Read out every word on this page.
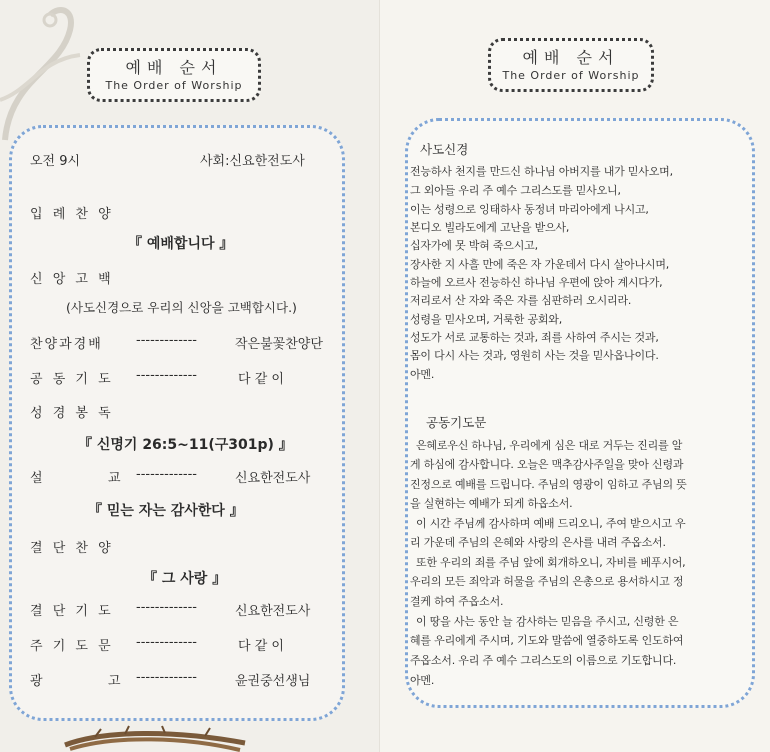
예배 순서
The Order of Worship
오전 9시	사회:신요한전도사
입 례 찬 양
『 예배합니다 』
신 앙 고 백
(사도신경으로 우리의 신앙을 고백합시다.)
찬양과경배	-------------	작은불꽃찬양단
공 동 기 도 -------------	다 같 이
성 경 봉 독
『 신명기 26:5~11(구301p) 』
설	교 -------------	신요한전도사
『 믿는 자는 감사한다 』
결 단 찬 양
『 그 사랑 』
결 단 기 도 -------------	신요한전도사
주 기 도 문 -------------	다 같 이
광	고 -------------	윤권중선생님
예배 순서
The Order of Worship
사도신경
전능하사 천지를 만드신 하나님 아버지를 내가 믿사오며,
그 외아들 우리 주 예수 그리스도를 믿사오니,
이는 성령으로 잉태하사 동정녀 마리아에게 나시고,
본디오 빌라도에게 고난을 받으사,
십자가에 못 박혀 죽으시고,
장사한 지 사흘 만에 죽은 자 가운데서 다시 살아나시며,
하늘에 오르사 전능하신 하나님 우편에 앉아 계시다가,
저리로서 산 자와 죽은 자를 심판하러 오시리라.
성령을 믿사오며, 거룩한 공회와,
성도가 서로 교통하는 것과, 죄를 사하여 주시는 것과,
몸이 다시 사는 것과, 영원히 사는 것을 믿사옵나이다.
아멘.
공동기도문
은혜로우신 하나님, 우리에게 심은 대로 거두는 진리를 알
게 하심에 감사합니다. 오늘은 맥추감사주일을 맞아 신령과
진정으로 예배를 드립니다. 주님의 영광이 임하고 주님의 뜻
을 실현하는 예배가 되게 하옵소서.
이 시간 주님께 감사하며 예배 드리오니, 주여 받으시고 우
리 가운데 주님의 은혜와 사랑의 은사를 내려 주옵소서.
또한 우리의 죄를 주님 앞에 회개하오니, 자비를 베푸시어,
우리의 모든 죄악과 허물을 주님의 은총으로 용서하시고 정
결케 하여 주옵소서.
이 땅을 사는 동안 늘 감사하는 믿음을 주시고, 신령한 은
혜를 우리에게 주시며, 기도와 말씀에 열중하도록 인도하여
주옵소서. 우리 주 예수 그리스도의 이름으로 기도합니다.
아멘.
